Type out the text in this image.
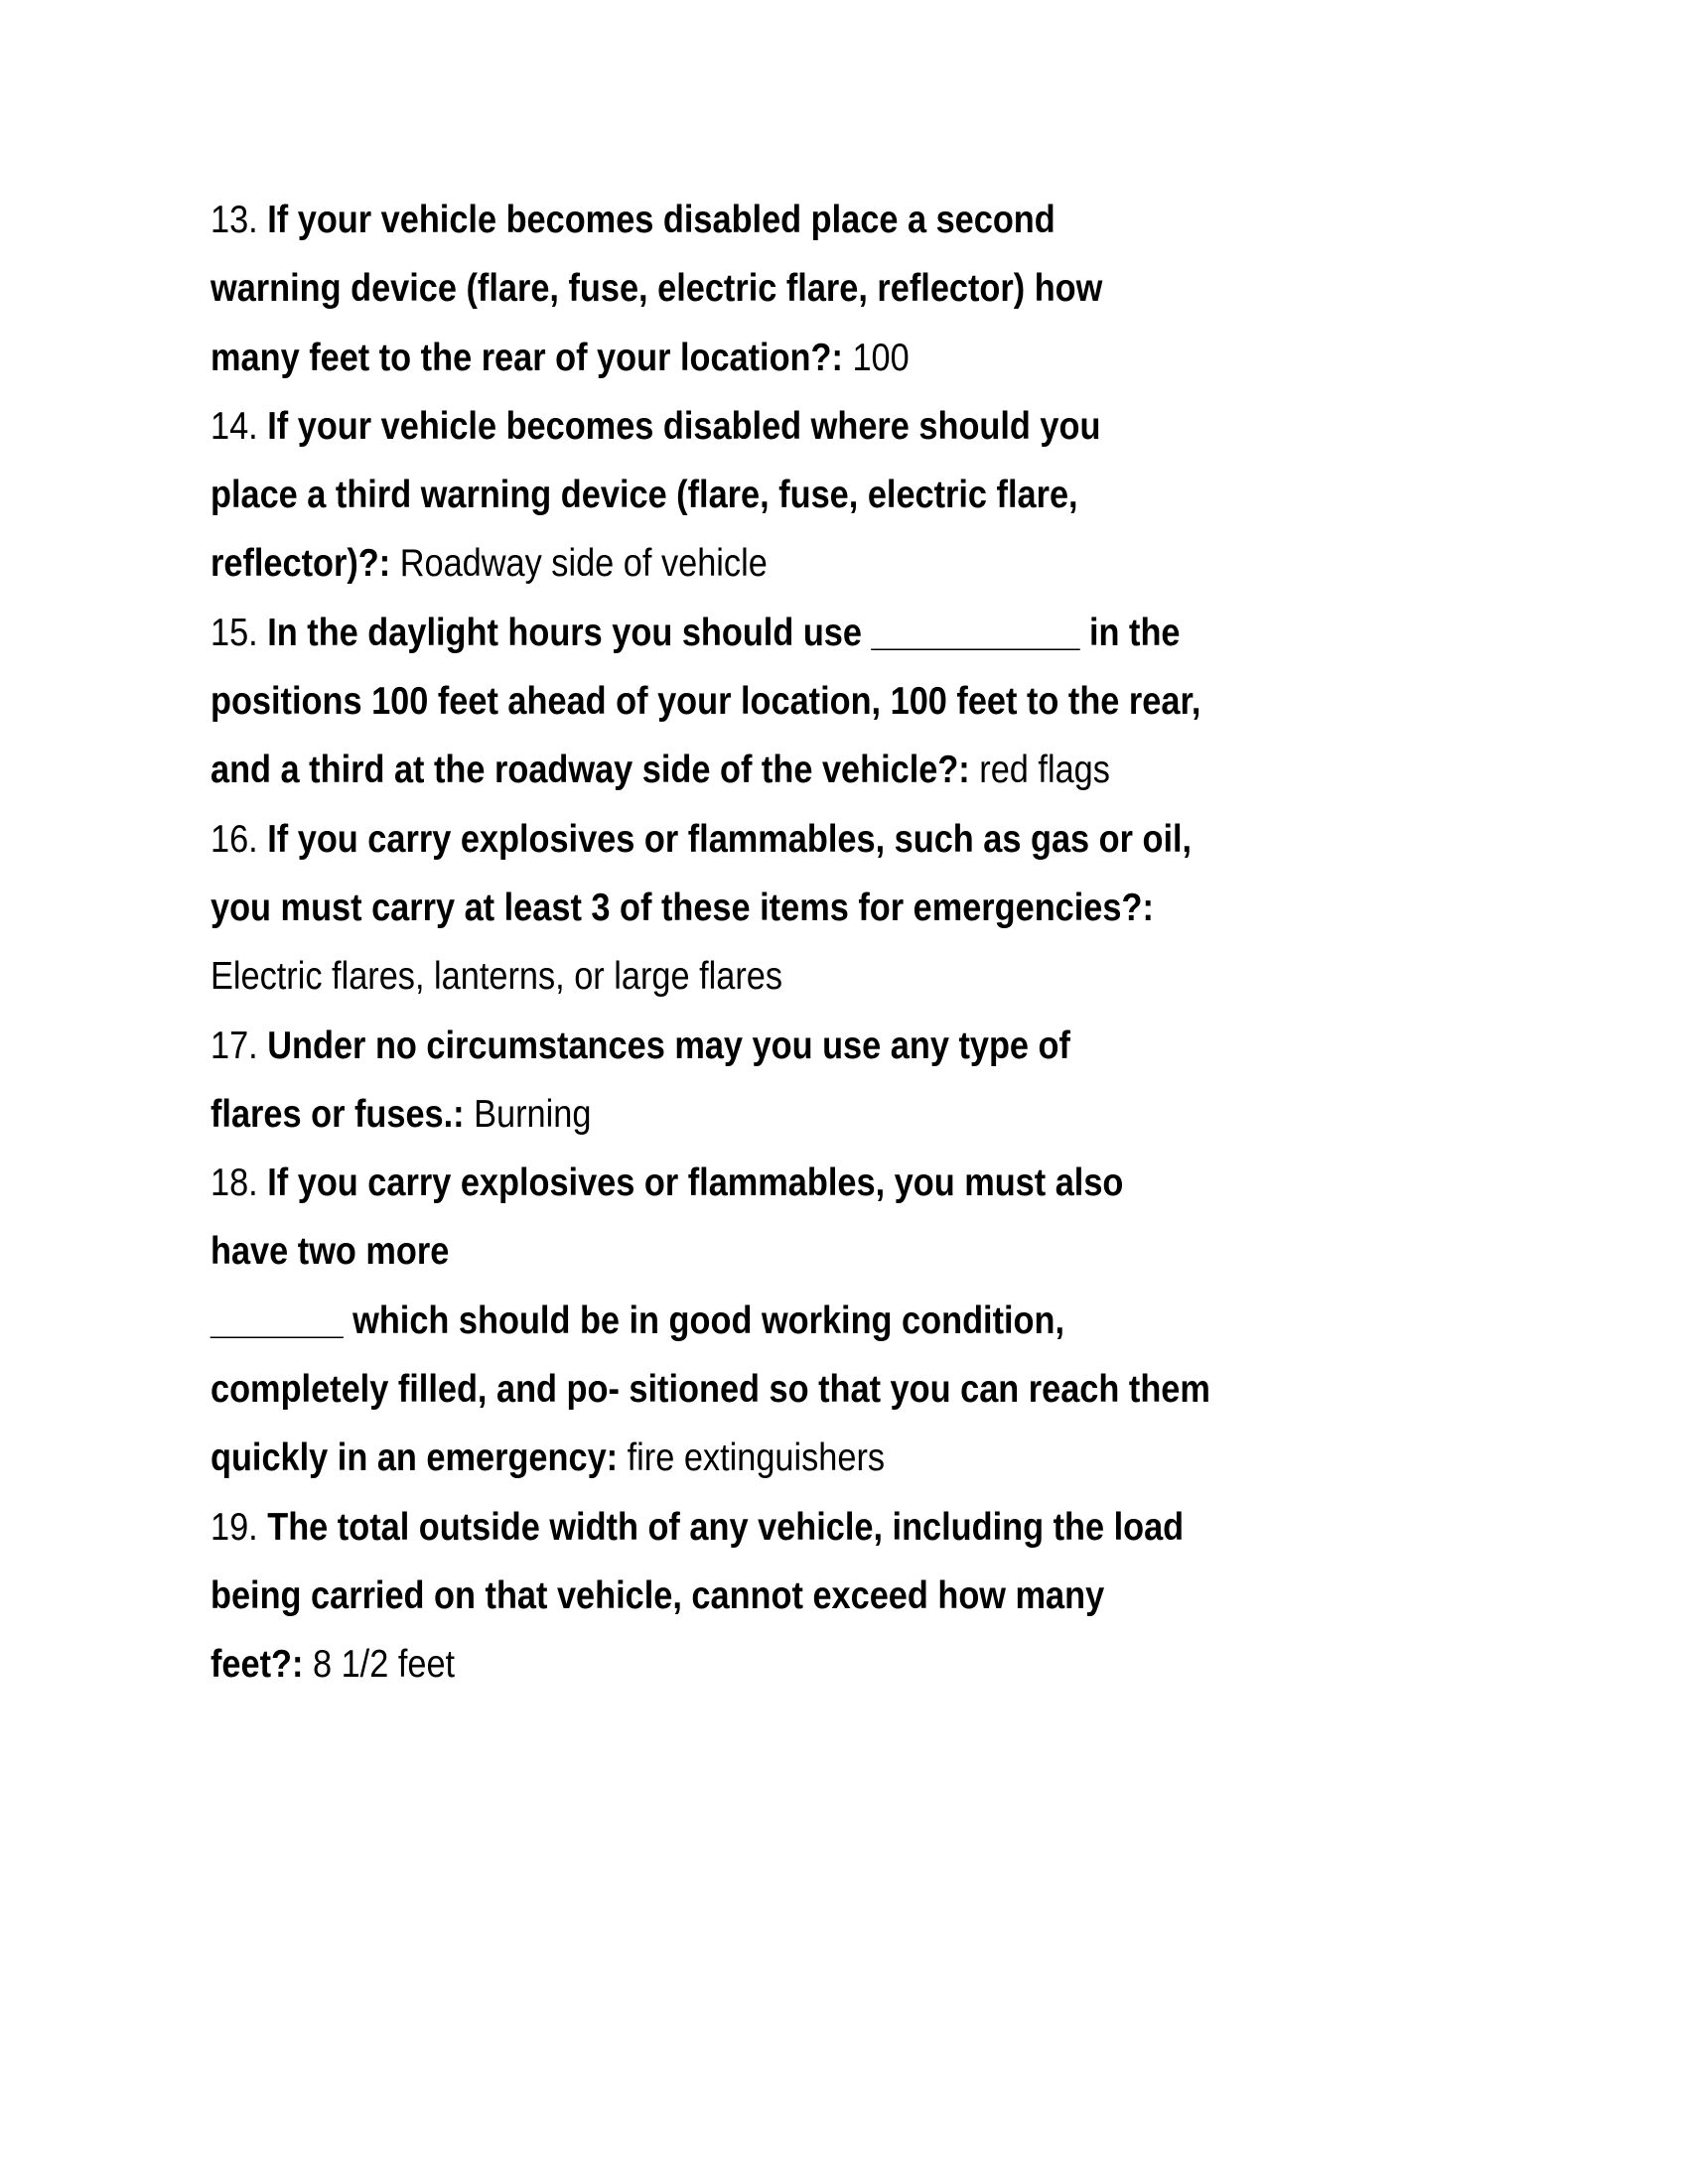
13. If your vehicle becomes disabled place a second
warning device (flare, fuse, electric flare, reflector) how
many feet to the rear of your location?: 100
14. If your vehicle becomes disabled where should you
place a third warning device (flare, fuse, electric flare,
reflector)?: Roadway side of vehicle
15. In the daylight hours you should use ___________ in the
positions 100 feet ahead of your location, 100 feet to the rear,
and a third at the roadway side of the vehicle?: red flags
16. If you carry explosives or flammables, such as gas or oil,
you must carry at least 3 of these items for emergencies?:
Electric flares, lanterns, or large flares
17. Under no circumstances may you use any type of
flares or fuses.: Burning
18. If you carry explosives or flammables, you must also
have two more
_______ which should be in good working condition,
completely filled, and po- sitioned so that you can reach them
quickly in an emergency: fire extinguishers
19. The total outside width of any vehicle, including the load
being carried on that vehicle, cannot exceed how many
feet?: 8 1/2 feet
